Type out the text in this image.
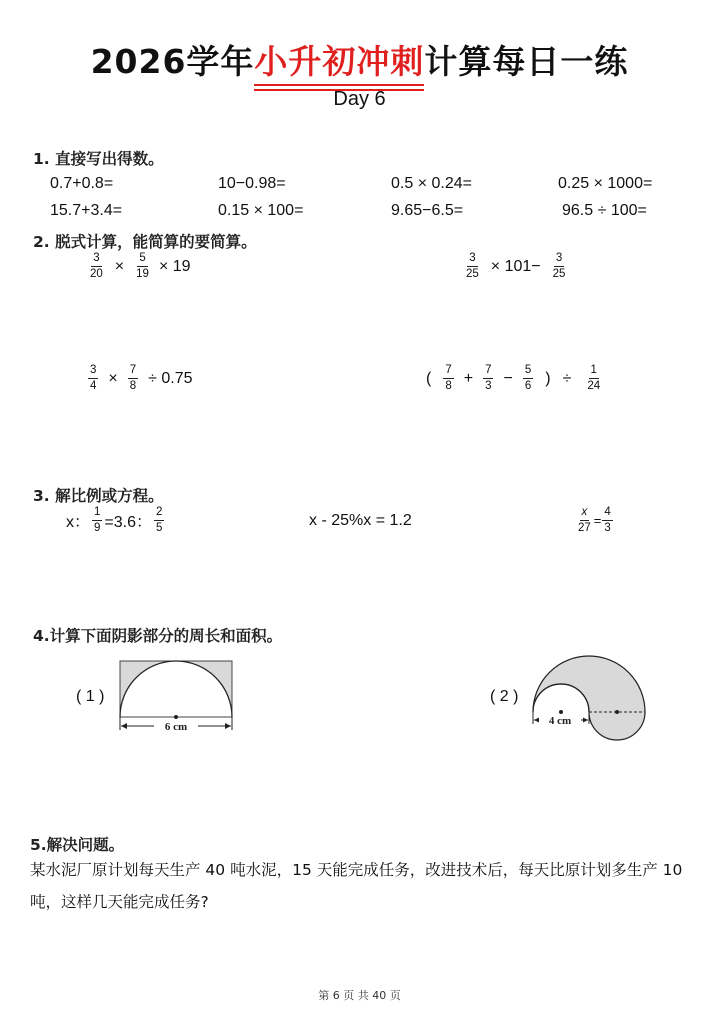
2026学年小升初冲刺
计算每日一练
Day 6
1. 直接写出得数。
0.7+0.8=	10−0.98=	0.5 × 0.24=	0.25 × 1000=
15.7+3.4=	0.15 × 100=	9.65−6.5=	96.5 ÷ 100=
2. 脱式计算，能简算的要简算。
$\frac{3}{20} \times \frac{5}{19} \times 19$	$\frac{3}{25} \times 101- \frac{3}{25}$
$\frac{3}{4} \times \frac{7}{8} \div 0.75$	( $\frac{7}{8} + \frac{7}{3} - \frac{5}{6}$ ) ÷ $\frac{1}{24}$
3. 解比例或方程。
x： $\frac{1}{9} =3.6$： $\frac{2}{5}$	x - 25%x = 1.2	$\frac{x}{27} = \frac{4}{3}$
4.计算下面阴影部分的周长和面积。
( 1 )
6 cm
( 2 )
4 cm
5.解决问题。
某水泥厂原计划每天生产 40 吨水泥，15 天能完成任务，改进技术后，每天比原计划多生产 10 吨，这样几天能完成任务?
第 6 页 共 40 页
